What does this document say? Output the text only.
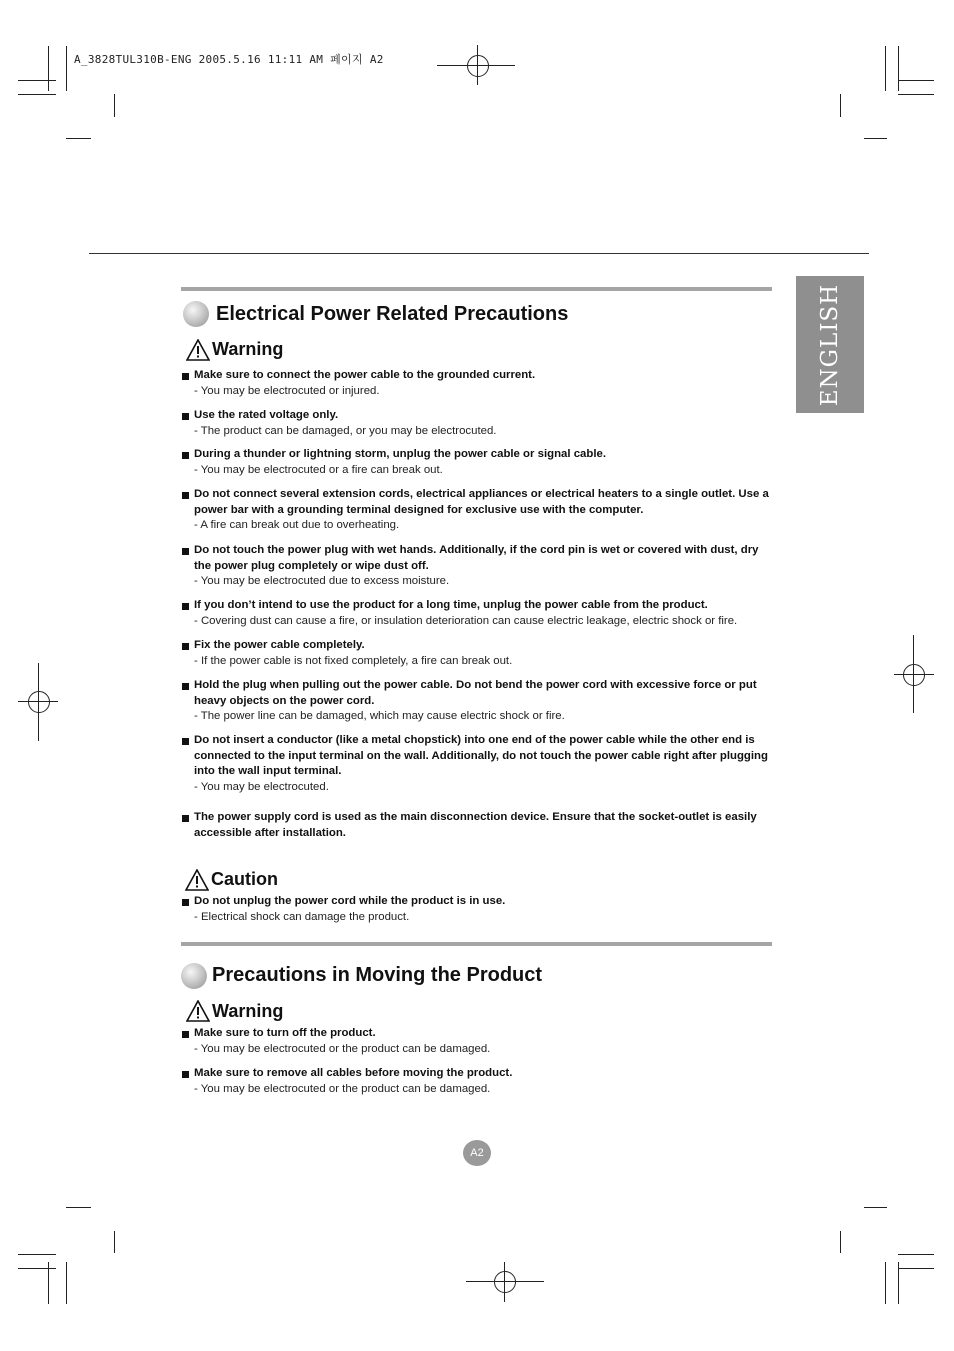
A_3828TUL310B-ENG 2005.5.16 11:11 AM 페이지 A2
ENGLISH
Electrical Power Related Precautions
Warning
Make sure to connect the power cable to the grounded current.
- You may be electrocuted or injured.
Use the rated voltage only.
- The product can be damaged, or you may be electrocuted.
During a thunder or lightning storm, unplug the power cable or signal cable.
- You may be electrocuted or a fire can break out.
Do not connect several extension cords, electrical appliances or electrical heaters to a single outlet. Use a power bar with a grounding terminal designed for exclusive use with the computer.
- A fire can break out due to overheating.
Do not touch the power plug with wet hands. Additionally, if the cord pin is wet or covered with dust, dry the power plug completely or wipe dust off.
- You may be electrocuted due to excess moisture.
If you don’t intend to use the product for a long time, unplug the power cable from the product.
- Covering dust can cause a fire, or insulation deterioration can cause electric leakage, electric shock or fire.
Fix the power cable completely.
- If the power cable is not fixed completely, a fire can break out.
Hold the plug when pulling out the power cable. Do not bend the power cord with excessive force or put heavy objects on the power cord.
- The power line can be damaged, which may cause electric shock or fire.
Do not insert a conductor (like a metal chopstick) into one end of the power cable while the other end is connected to the input terminal on the wall. Additionally, do not touch the power cable right after plugging into the wall input terminal.
- You may be electrocuted.
The power supply cord is used as the main disconnection device. Ensure that the socket-outlet is easily accessible after installation.
Caution
Do not unplug the power cord while the product is in use.
- Electrical shock can damage the product.
Precautions in Moving the Product
Warning
Make sure to turn off the product.
- You may be electrocuted or the product can be damaged.
Make sure to remove all cables before moving the product.
- You may be electrocuted or the product can be damaged.
A2
